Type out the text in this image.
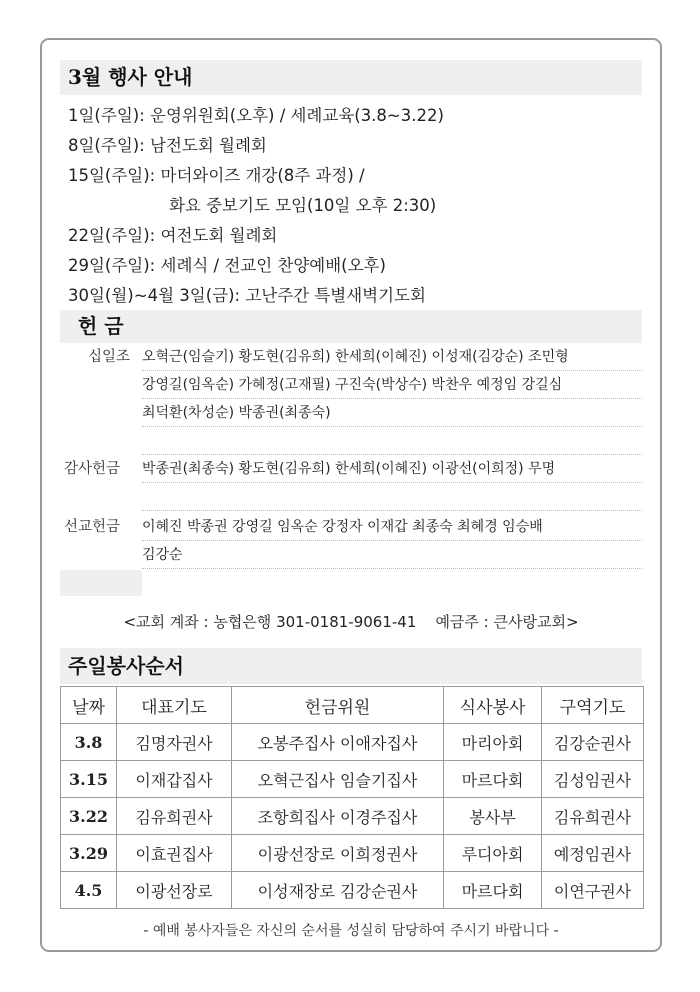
3월 행사 안내
1일(주일): 운영위원회(오후) / 세례교육(3.8~3.22)
8일(주일): 남전도회 월례회
15일(주일): 마더와이즈 개강(8주 과정) /
화요 중보기도 모임(10일 오후 2:30)
22일(주일): 여전도회 월례회
29일(주일): 세례식 / 전교인 찬양예배(오후)
30일(월)~4월 3일(금): 고난주간 특별새벽기도회
헌 금
십일조 오혁근(임슬기) 황도현(김유희) 한세희(이혜진) 이성재(김강순) 조민형
강영길(임옥순) 가혜정(고재필) 구진숙(박상수) 박찬우 예정임 강길심
최덕환(차성순) 박종권(최종숙)
감사헌금	박종권(최종숙) 황도현(김유희) 한세희(이혜진) 이광선(이희정) 무명
선교헌금	이혜진 박종권 강영길 임옥순 강정자 이재갑 최종숙 최혜경 임승배
김강순
<교회 계좌 : 농협은행 301-0181-9061-41    예금주 : 큰사랑교회>
주일봉사순서
날짜	대표기도	헌금위원	식사봉사	구역기도
3.8	김명자권사	오봉주집사 이애자집사	마리아회	김강순권사
3.15	이재갑집사	오혁근집사 임슬기집사	마르다회	김성임권사
3.22	김유희권사	조항희집사 이경주집사	봉사부	김유희권사
3.29	이효권집사	이광선장로 이희정권사	루디아회	예정임권사
4.5	이광선장로	이성재장로 김강순권사	마르다회	이연구권사
- 예배 봉사자들은 자신의 순서를 성실히 담당하여 주시기 바랍니다 -
